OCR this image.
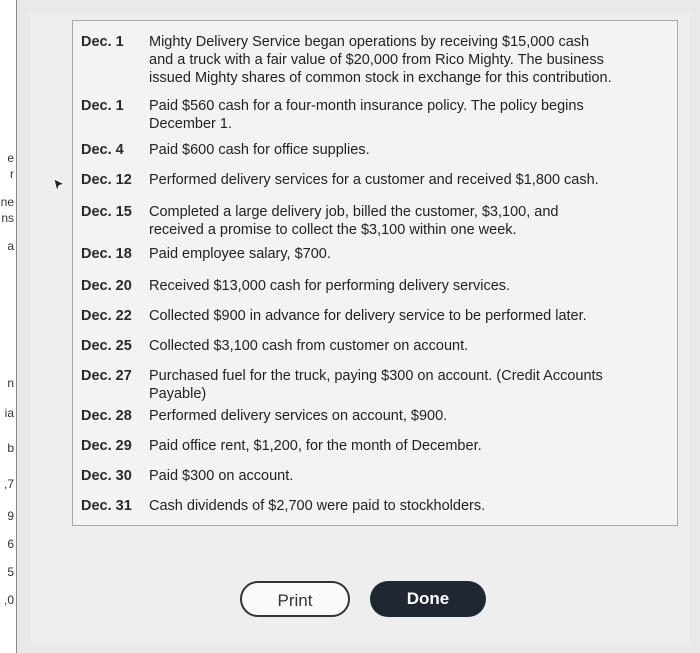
e
r
ne
ns
a
n
ia
b
,7
9
6
5
,0
Dec. 1	Mighty Delivery Service began operations by receiving $15,000 cash
and a truck with a fair value of $20,000 from Rico Mighty. The business
issued Mighty shares of common stock in exchange for this contribution.
Dec. 1	Paid $560 cash for a four-month insurance policy. The policy begins
December 1.
Dec. 4	Paid $600 cash for office supplies.
Dec. 12	Performed delivery services for a customer and received $1,800 cash.
Dec. 15	Completed a large delivery job, billed the customer, $3,100, and
received a promise to collect the $3,100 within one week.
Dec. 18	Paid employee salary, $700.
Dec. 20	Received $13,000 cash for performing delivery services.
Dec. 22	Collected $900 in advance for delivery service to be performed later.
Dec. 25	Collected $3,100 cash from customer on account.
Dec. 27	Purchased fuel for the truck, paying $300 on account. (Credit Accounts
Payable)
Dec. 28	Performed delivery services on account, $900.
Dec. 29	Paid office rent, $1,200, for the month of December.
Dec. 30	Paid $300 on account.
Dec. 31	Cash dividends of $2,700 were paid to stockholders.
Print	Done
